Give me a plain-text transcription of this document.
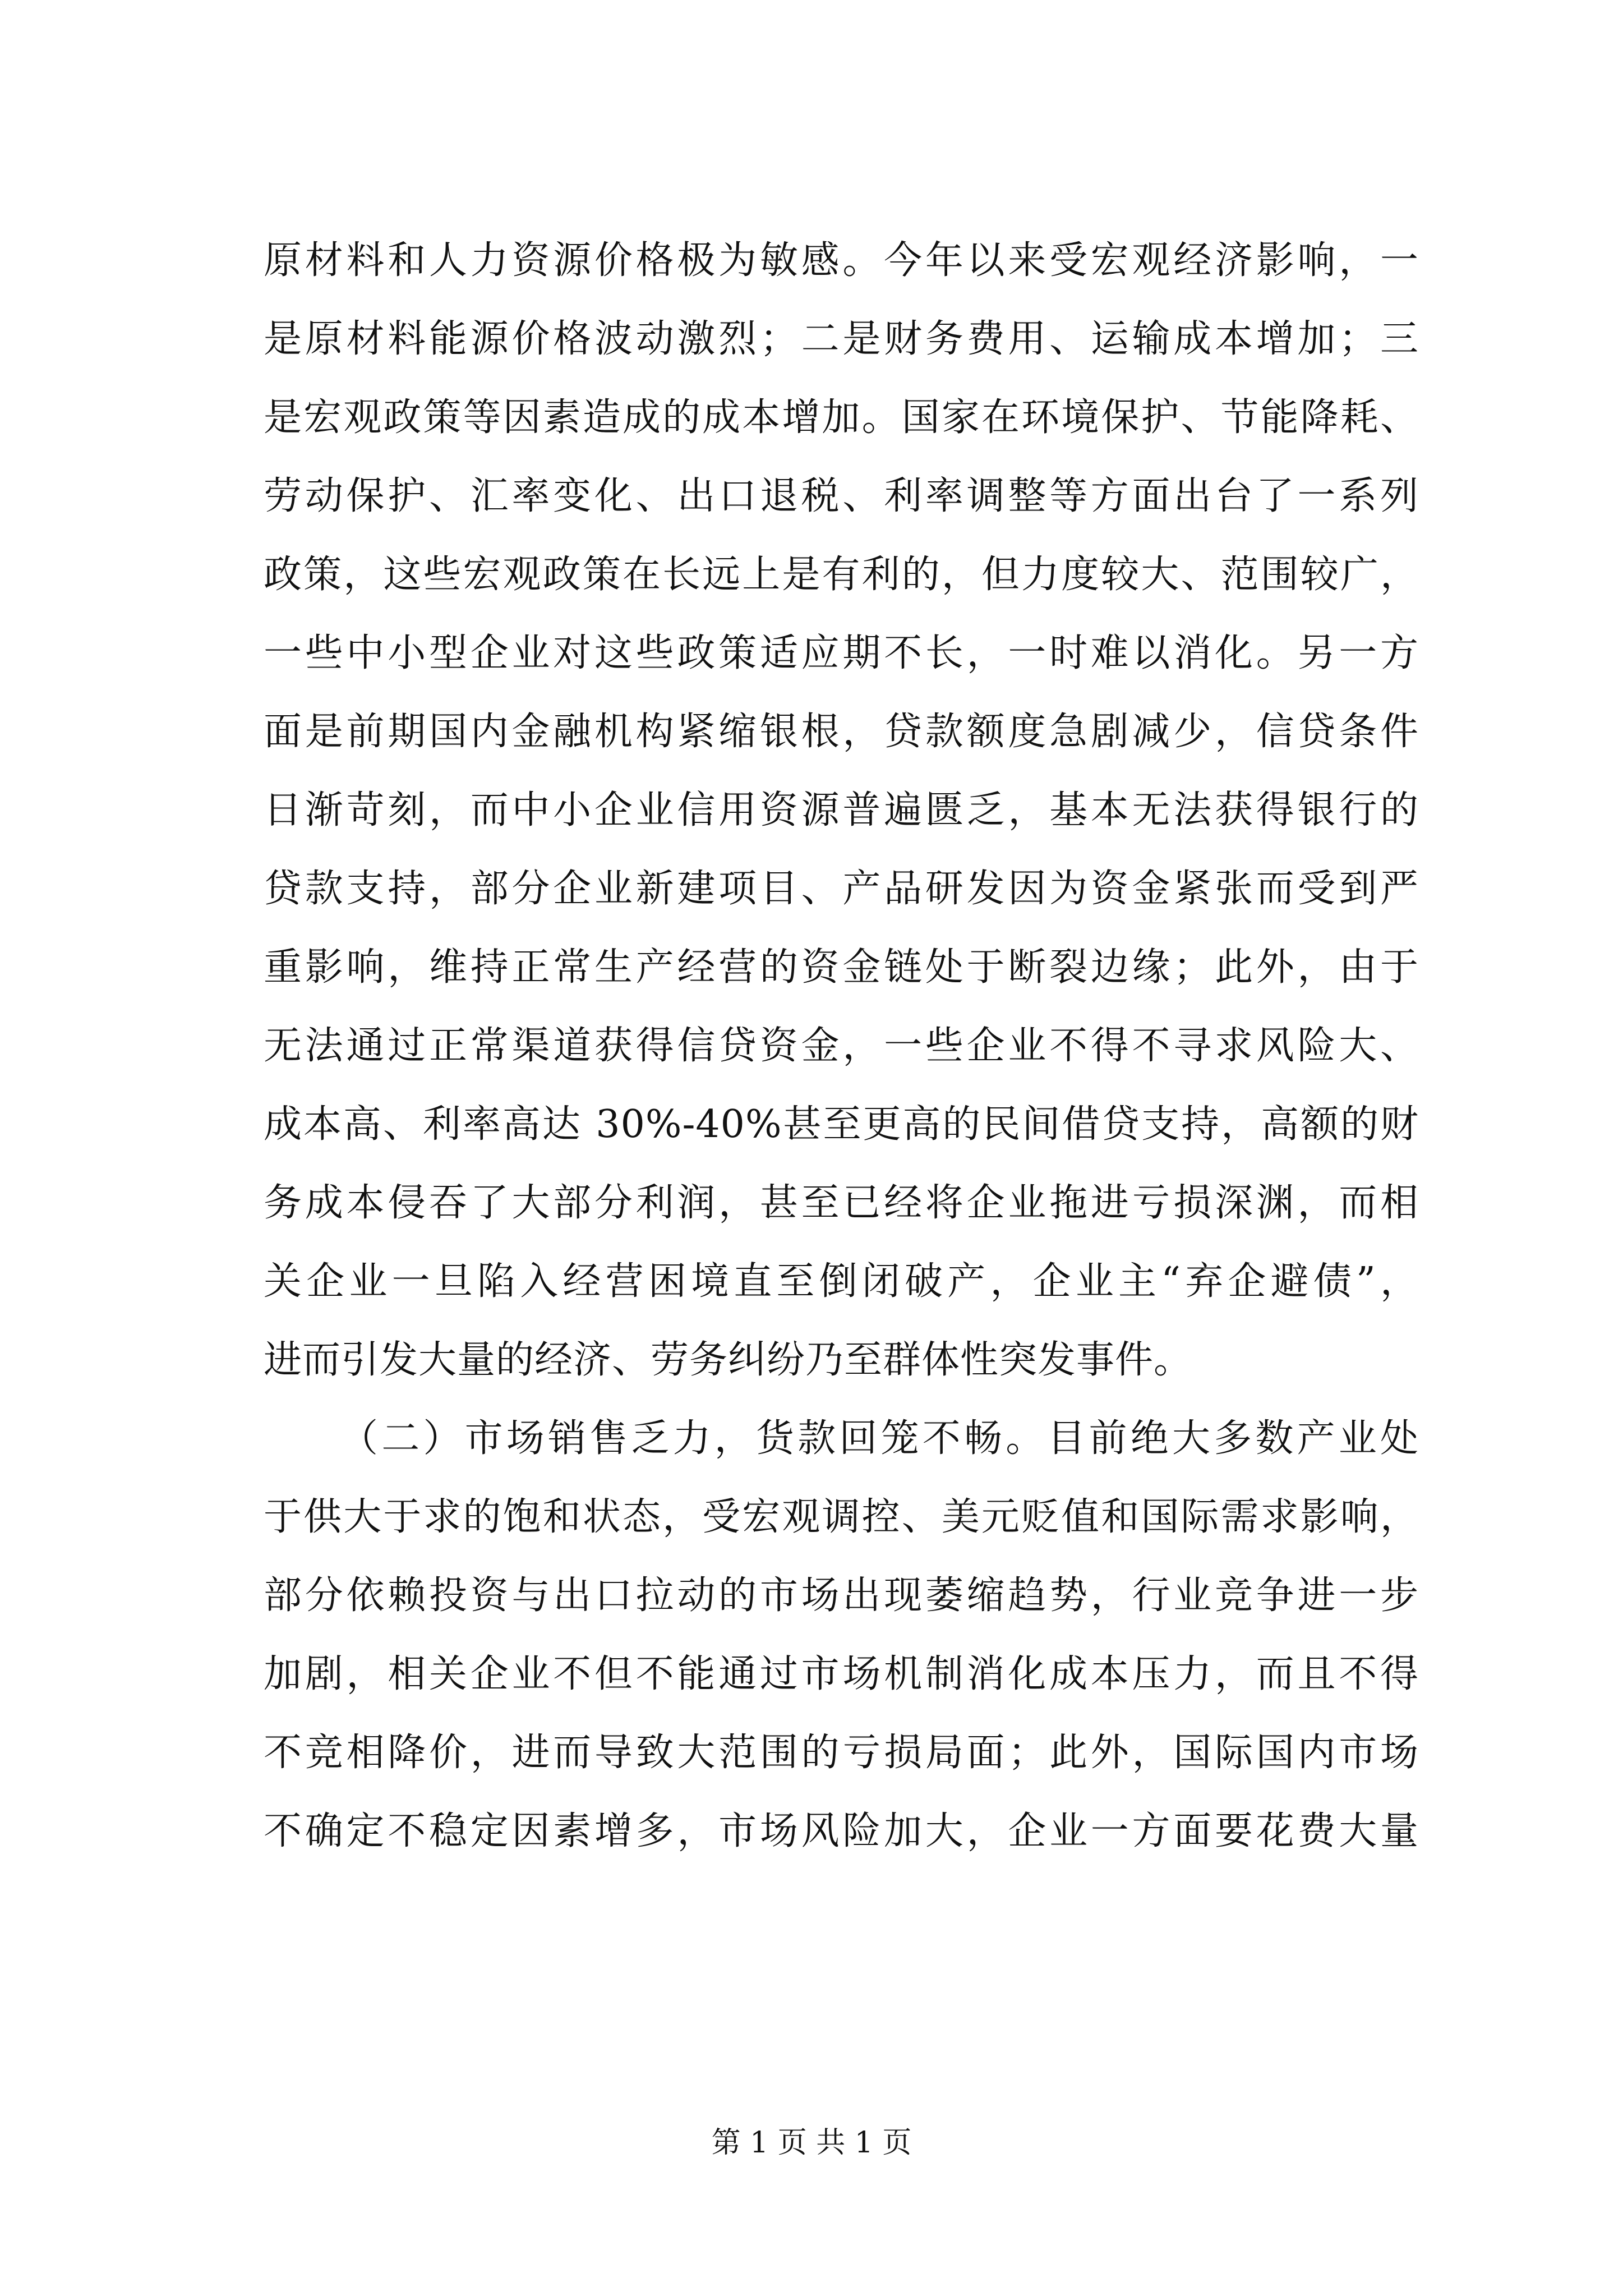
原材料和人力资源价格极为敏感。今年以来受宏观经济影响，一
是原材料能源价格波动激烈；二是财务费用、运输成本增加；三
是宏观政策等因素造成的成本增加。国家在环境保护、节能降耗、
劳动保护、汇率变化、出口退税、利率调整等方面出台了一系列
政策，这些宏观政策在长远上是有利的，但力度较大、范围较广，
一些中小型企业对这些政策适应期不长，一时难以消化。另一方
面是前期国内金融机构紧缩银根，贷款额度急剧减少，信贷条件
日渐苛刻，而中小企业信用资源普遍匮乏，基本无法获得银行的
贷款支持，部分企业新建项目、产品研发因为资金紧张而受到严
重影响，维持正常生产经营的资金链处于断裂边缘；此外，由于
无法通过正常渠道获得信贷资金，一些企业不得不寻求风险大、
成本高、利率高达 30%-40%甚至更高的民间借贷支持，高额的财
务成本侵吞了大部分利润，甚至已经将企业拖进亏损深渊，而相
关企业一旦陷入经营困境直至倒闭破产，企业主“弃企避债”，
进而引发大量的经济、劳务纠纷乃至群体性突发事件。
（二）市场销售乏力，货款回笼不畅。目前绝大多数产业处
于供大于求的饱和状态，受宏观调控、美元贬值和国际需求影响，
部分依赖投资与出口拉动的市场出现萎缩趋势，行业竞争进一步
加剧，相关企业不但不能通过市场机制消化成本压力，而且不得
不竞相降价，进而导致大范围的亏损局面；此外，国际国内市场
不确定不稳定因素增多，市场风险加大，企业一方面要花费大量
第 1 页 共 1 页
